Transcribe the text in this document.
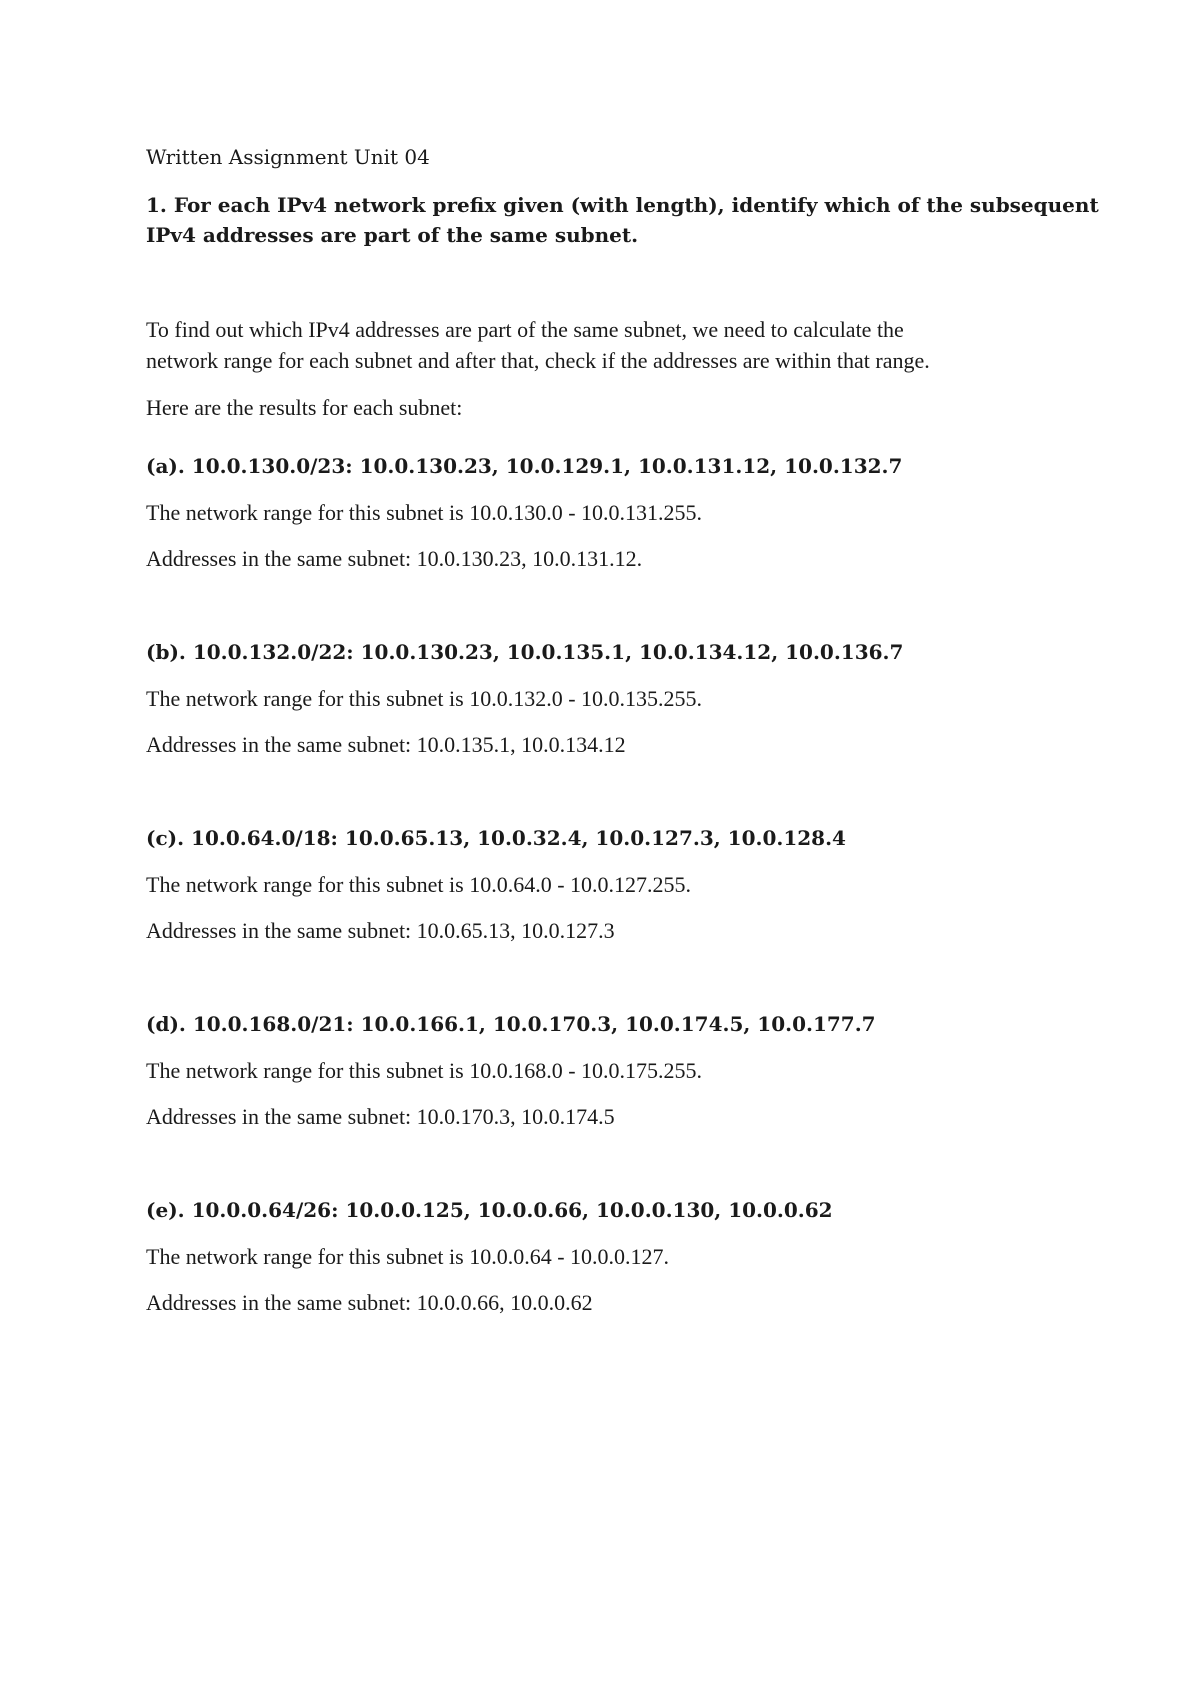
Written Assignment Unit 04

1. For each IPv4 network prefix given (with length), identify which of the subsequent
IPv4 addresses are part of the same subnet.

To find out which IPv4 addresses are part of the same subnet, we need to calculate the
network range for each subnet and after that, check if the addresses are within that range.

Here are the results for each subnet:

(a). 10.0.130.0/23: 10.0.130.23, 10.0.129.1, 10.0.131.12, 10.0.132.7

The network range for this subnet is 10.0.130.0 - 10.0.131.255.

Addresses in the same subnet: 10.0.130.23, 10.0.131.12.

(b). 10.0.132.0/22: 10.0.130.23, 10.0.135.1, 10.0.134.12, 10.0.136.7

The network range for this subnet is 10.0.132.0 - 10.0.135.255.

Addresses in the same subnet: 10.0.135.1, 10.0.134.12

(c). 10.0.64.0/18: 10.0.65.13, 10.0.32.4, 10.0.127.3, 10.0.128.4

The network range for this subnet is 10.0.64.0 - 10.0.127.255.

Addresses in the same subnet: 10.0.65.13, 10.0.127.3

(d). 10.0.168.0/21: 10.0.166.1, 10.0.170.3, 10.0.174.5, 10.0.177.7

The network range for this subnet is 10.0.168.0 - 10.0.175.255.

Addresses in the same subnet: 10.0.170.3, 10.0.174.5

(e). 10.0.0.64/26: 10.0.0.125, 10.0.0.66, 10.0.0.130, 10.0.0.62

The network range for this subnet is 10.0.0.64 - 10.0.0.127.

Addresses in the same subnet: 10.0.0.66, 10.0.0.62
